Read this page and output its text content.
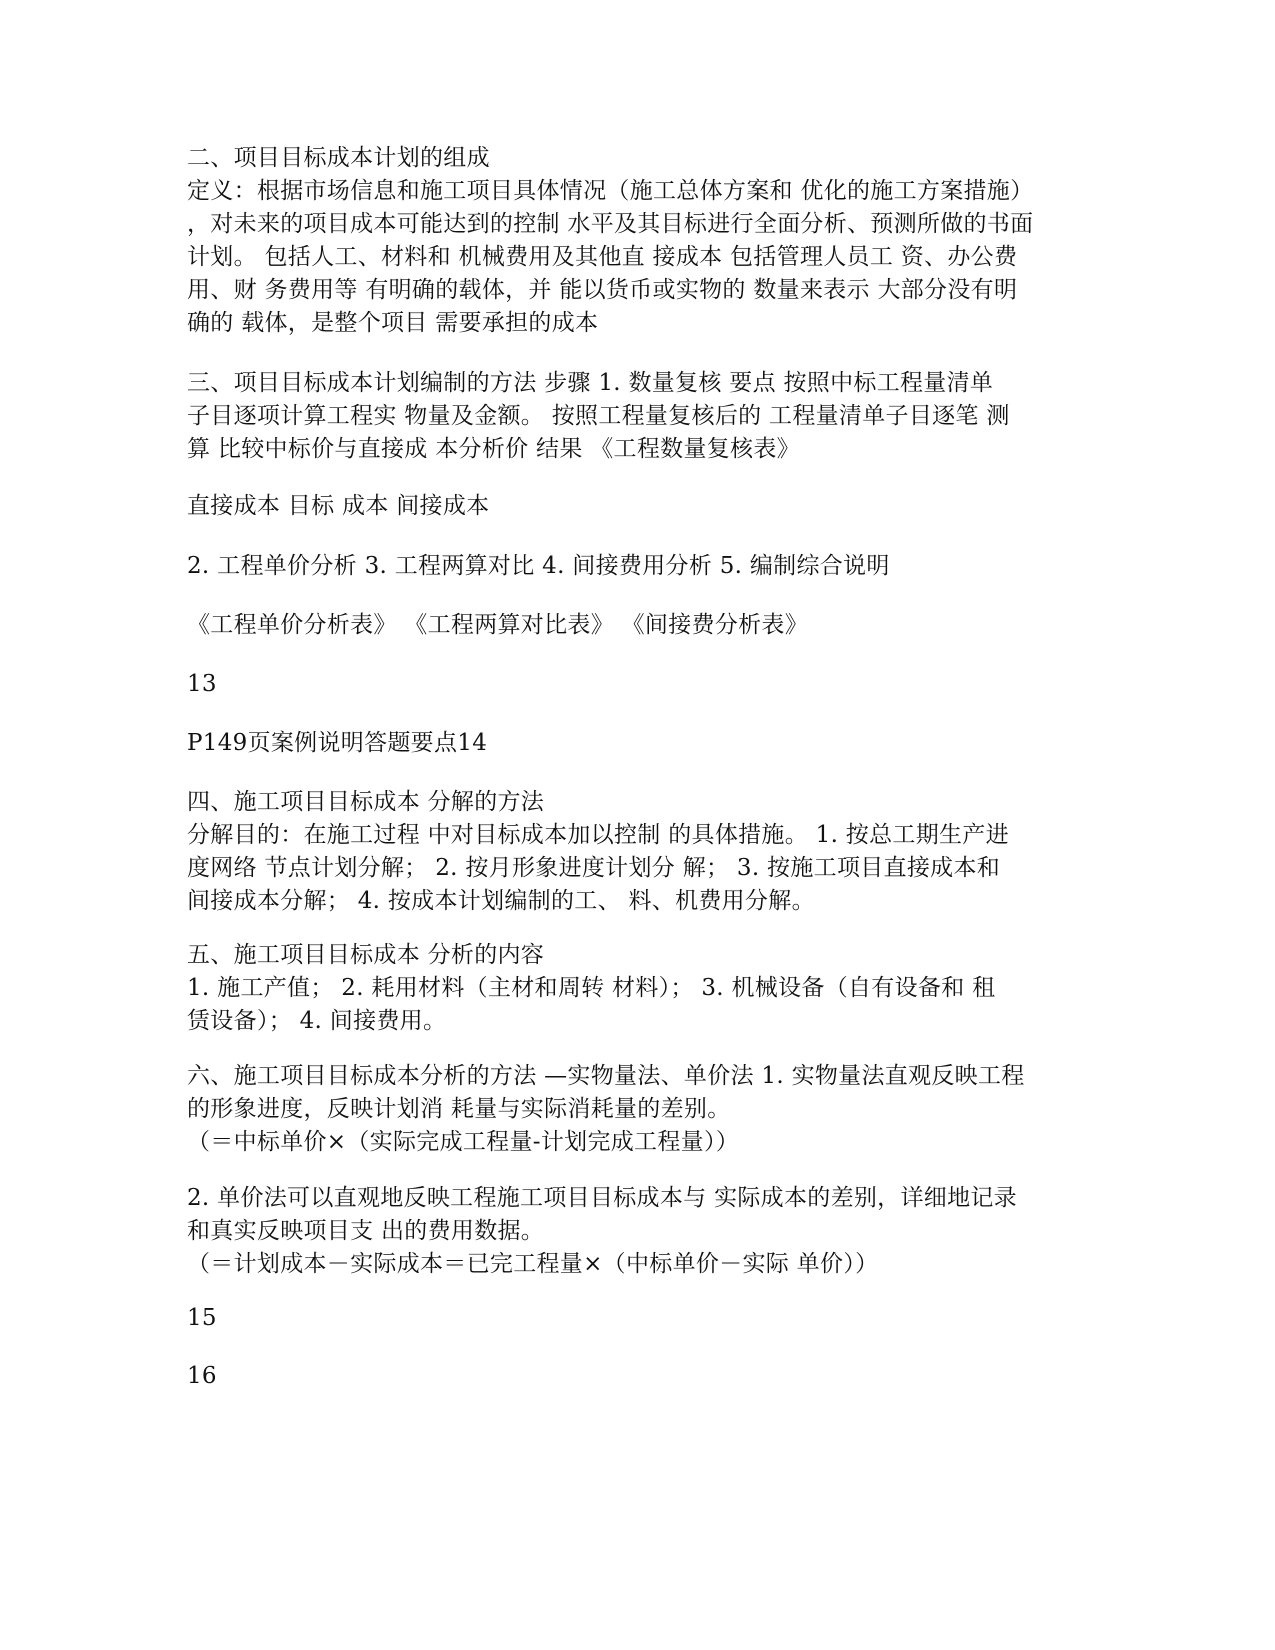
二、项目目标成本计划的组成
定义：根据市场信息和施工项目具体情况（施工总体方案和 优化的施工方案措施）
，对未来的项目成本可能达到的控制 水平及其目标进行全面分析、预测所做的书面
计划。 包括人工、材料和 机械费用及其他直 接成本 包括管理人员工 资、办公费
用、财 务费用等 有明确的载体，并 能以货币或实物的 数量来表示 大部分没有明
确的 载体，是整个项目 需要承担的成本
三、项目目标成本计划编制的方法 步骤 1. 数量复核 要点 按照中标工程量清单
子目逐项计算工程实 物量及金额。 按照工程量复核后的 工程量清单子目逐笔 测
算 比较中标价与直接成 本分析价 结果 《工程数量复核表》
直接成本 目标 成本 间接成本
2. 工程单价分析 3. 工程两算对比 4. 间接费用分析 5. 编制综合说明
《工程单价分析表》 《工程两算对比表》 《间接费分析表》
13
P149页案例说明答题要点14
四、施工项目目标成本 分解的方法
分解目的：在施工过程 中对目标成本加以控制 的具体措施。 1. 按总工期生产进
度网络 节点计划分解； 2. 按月形象进度计划分 解； 3. 按施工项目直接成本和
间接成本分解； 4. 按成本计划编制的工、 料、机费用分解。
五、施工项目目标成本 分析的内容
1. 施工产值； 2. 耗用材料（主材和周转 材料）； 3. 机械设备（自有设备和 租
赁设备）； 4. 间接费用。
六、施工项目目标成本分析的方法 —实物量法、单价法 1. 实物量法直观反映工程
的形象进度，反映计划消 耗量与实际消耗量的差别。
（＝中标单价×（实际完成工程量-计划完成工程量））
2. 单价法可以直观地反映工程施工项目目标成本与 实际成本的差别，详细地记录
和真实反映项目支 出的费用数据。
（＝计划成本－实际成本＝已完工程量×（中标单价－实际 单价））
15
16
